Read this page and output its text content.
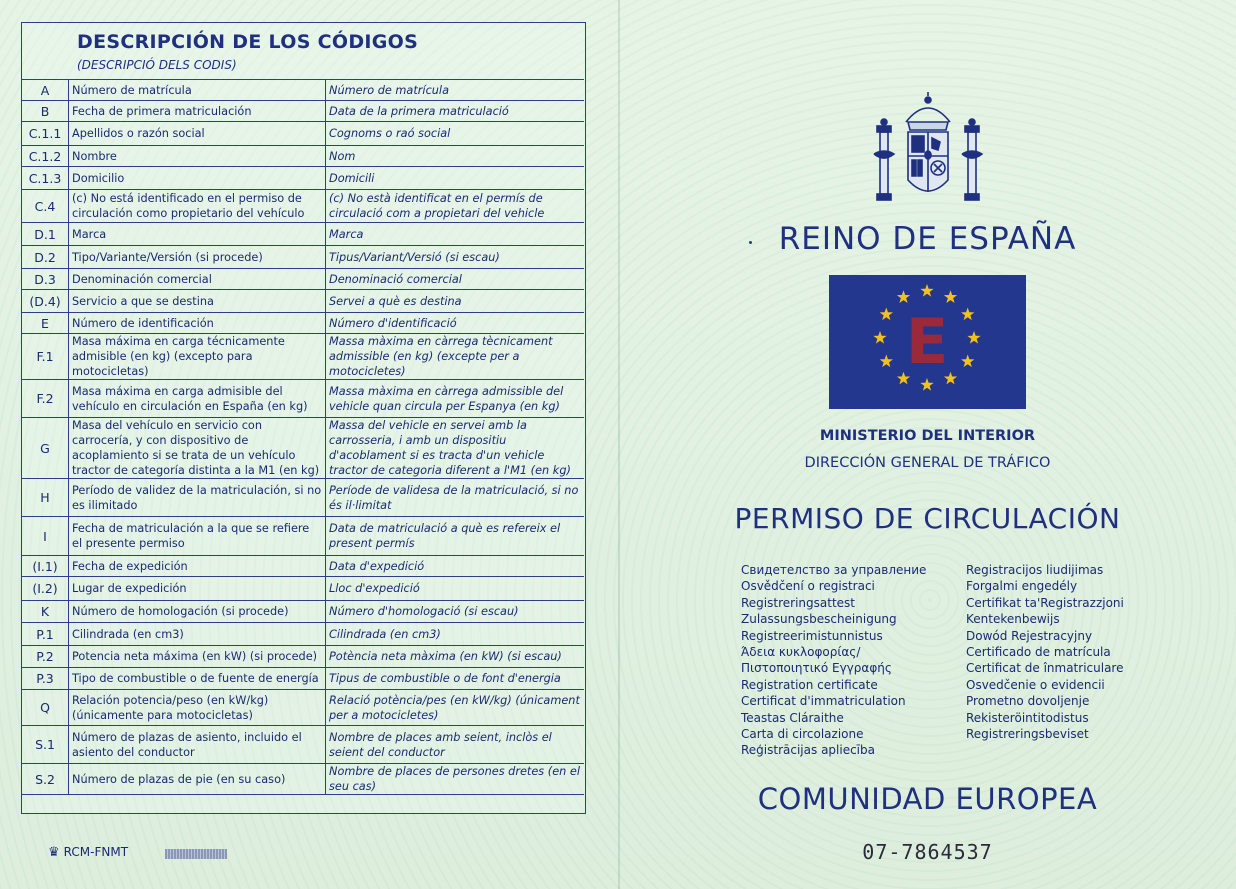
DESCRIPCIÓN DE LOS CÓDIGOS
(DESCRIPCIÓ DELS CODIS)
A	Número de matrícula	Número de matrícula
B	Fecha de primera matriculación	Data de la primera matriculació
C.1.1	Apellidos o razón social	Cognoms o raó social
C.1.2	Nombre	Nom
C.1.3	Domicilio	Domicili
C.4	(c) No está identificado en el permiso de circulación como propietario del vehículo	(c) No està identificat en el permís de circulació com a propietari del vehicle
D.1	Marca	Marca
D.2	Tipo/Variante/Versión (si procede)	Tipus/Variant/Versió (si escau)
D.3	Denominación comercial	Denominació comercial
(D.4)	Servicio a que se destina	Servei a què es destina
E	Número de identificación	Número d'identificació
F.1	Masa máxima en carga técnicamente admisible (en kg) (excepto para motocicletas)	Massa màxima en càrrega tècnicament admissible (en kg) (excepte per a motocicletes)
F.2	Masa máxima en carga admisible del vehículo en circulación en España (en kg)	Massa màxima en càrrega admissible del vehicle quan circula per Espanya (en kg)
G	Masa del vehículo en servicio con carrocería, y con dispositivo de acoplamiento si se trata de un vehículo tractor de categoría distinta a la M1 (en kg)	Massa del vehicle en servei amb la carrosseria, i amb un dispositiu d'acoblament si es tracta d'un vehicle tractor de categoria diferent a l'M1 (en kg)
H	Período de validez de la matriculación, si no es ilimitado	Període de validesa de la matriculació, si no és il·limitat
I	Fecha de matriculación a la que se refiere el presente permiso	Data de matriculació a què es refereix el present permís
(I.1)	Fecha de expedición	Data d'expedició
(I.2)	Lugar de expedición	Lloc d'expedició
K	Número de homologación (si procede)	Número d'homologació (si escau)
P.1	Cilindrada (en cm3)	Cilindrada (en cm3)
P.2	Potencia neta máxima (en kW) (si procede)	Potència neta màxima (en kW) (si escau)
P.3	Tipo de combustible o de fuente de energía	Tipus de combustible o de font d'energia
Q	Relación potencia/peso (en kW/kg) (únicamente para motocicletas)	Relació potència/pes (en kW/kg) (únicament per a motocicletes)
S.1	Número de plazas de asiento, incluido el asiento del conductor	Nombre de places amb seient, inclòs el seient del conductor
S.2	Número de plazas de pie (en su caso)	Nombre de places de persones dretes (en el seu cas)
♛ RCM-FNMT
REINO DE ESPAÑA
E
MINISTERIO DEL INTERIOR
DIRECCIÓN GENERAL DE TRÁFICO
PERMISO DE CIRCULACIÓN
Свидетелство за управление
Osvědčení o registraci
Registreringsattest
Zulassungsbescheinigung
Registreerimistunnistus
Άδεια κυκλοφορίας/
Πιστοποιητικό Εγγραφής
Registration certificate
Certificat d'immatriculation
Teastas Cláraithe
Carta di circolazione
Reģistrācijas apliecība
Registracijos liudijimas
Forgalmi engedély
Certifikat ta'Registrazzjoni
Kentekenbewijs
Dowód Rejestracyjny
Certificado de matrícula
Certificat de înmatriculare
Osvedčenie o evidencii
Prometno dovoljenje
Rekisteröintitodistus
Registreringsbeviset
COMUNIDAD EUROPEA
07-7864537
